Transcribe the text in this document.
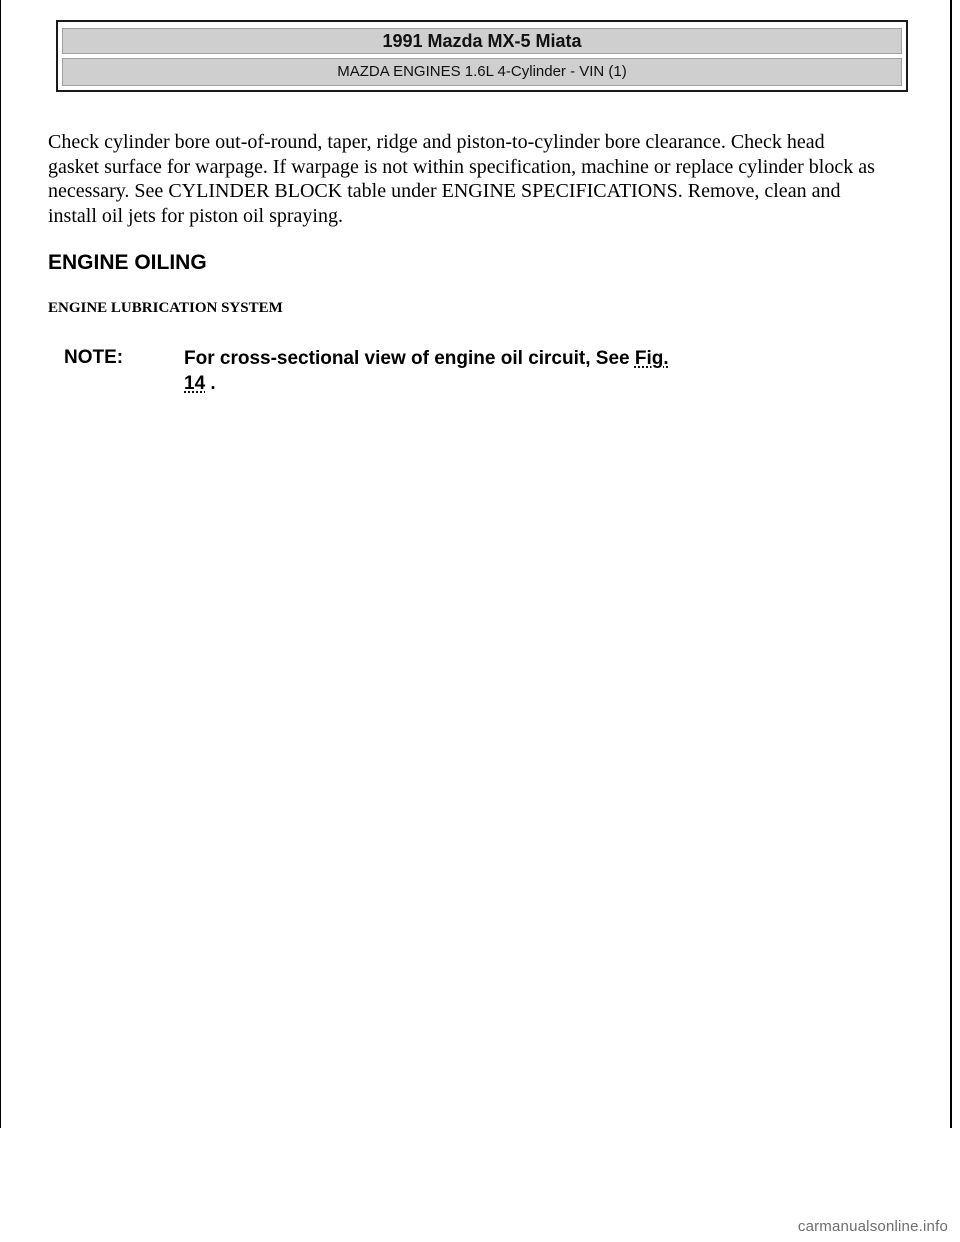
1991 Mazda MX-5 Miata
MAZDA ENGINES 1.6L 4-Cylinder - VIN (1)

Check cylinder bore out-of-round, taper, ridge and piston-to-cylinder bore clearance. Check head gasket surface for warpage. If warpage is not within specification, machine or replace cylinder block as necessary. See CYLINDER BLOCK table under ENGINE SPECIFICATIONS. Remove, clean and install oil jets for piston oil spraying.

ENGINE OILING
ENGINE LUBRICATION SYSTEM
NOTE:	For cross-sectional view of engine oil circuit, See Fig.
14 .
carmanualsonline.info
